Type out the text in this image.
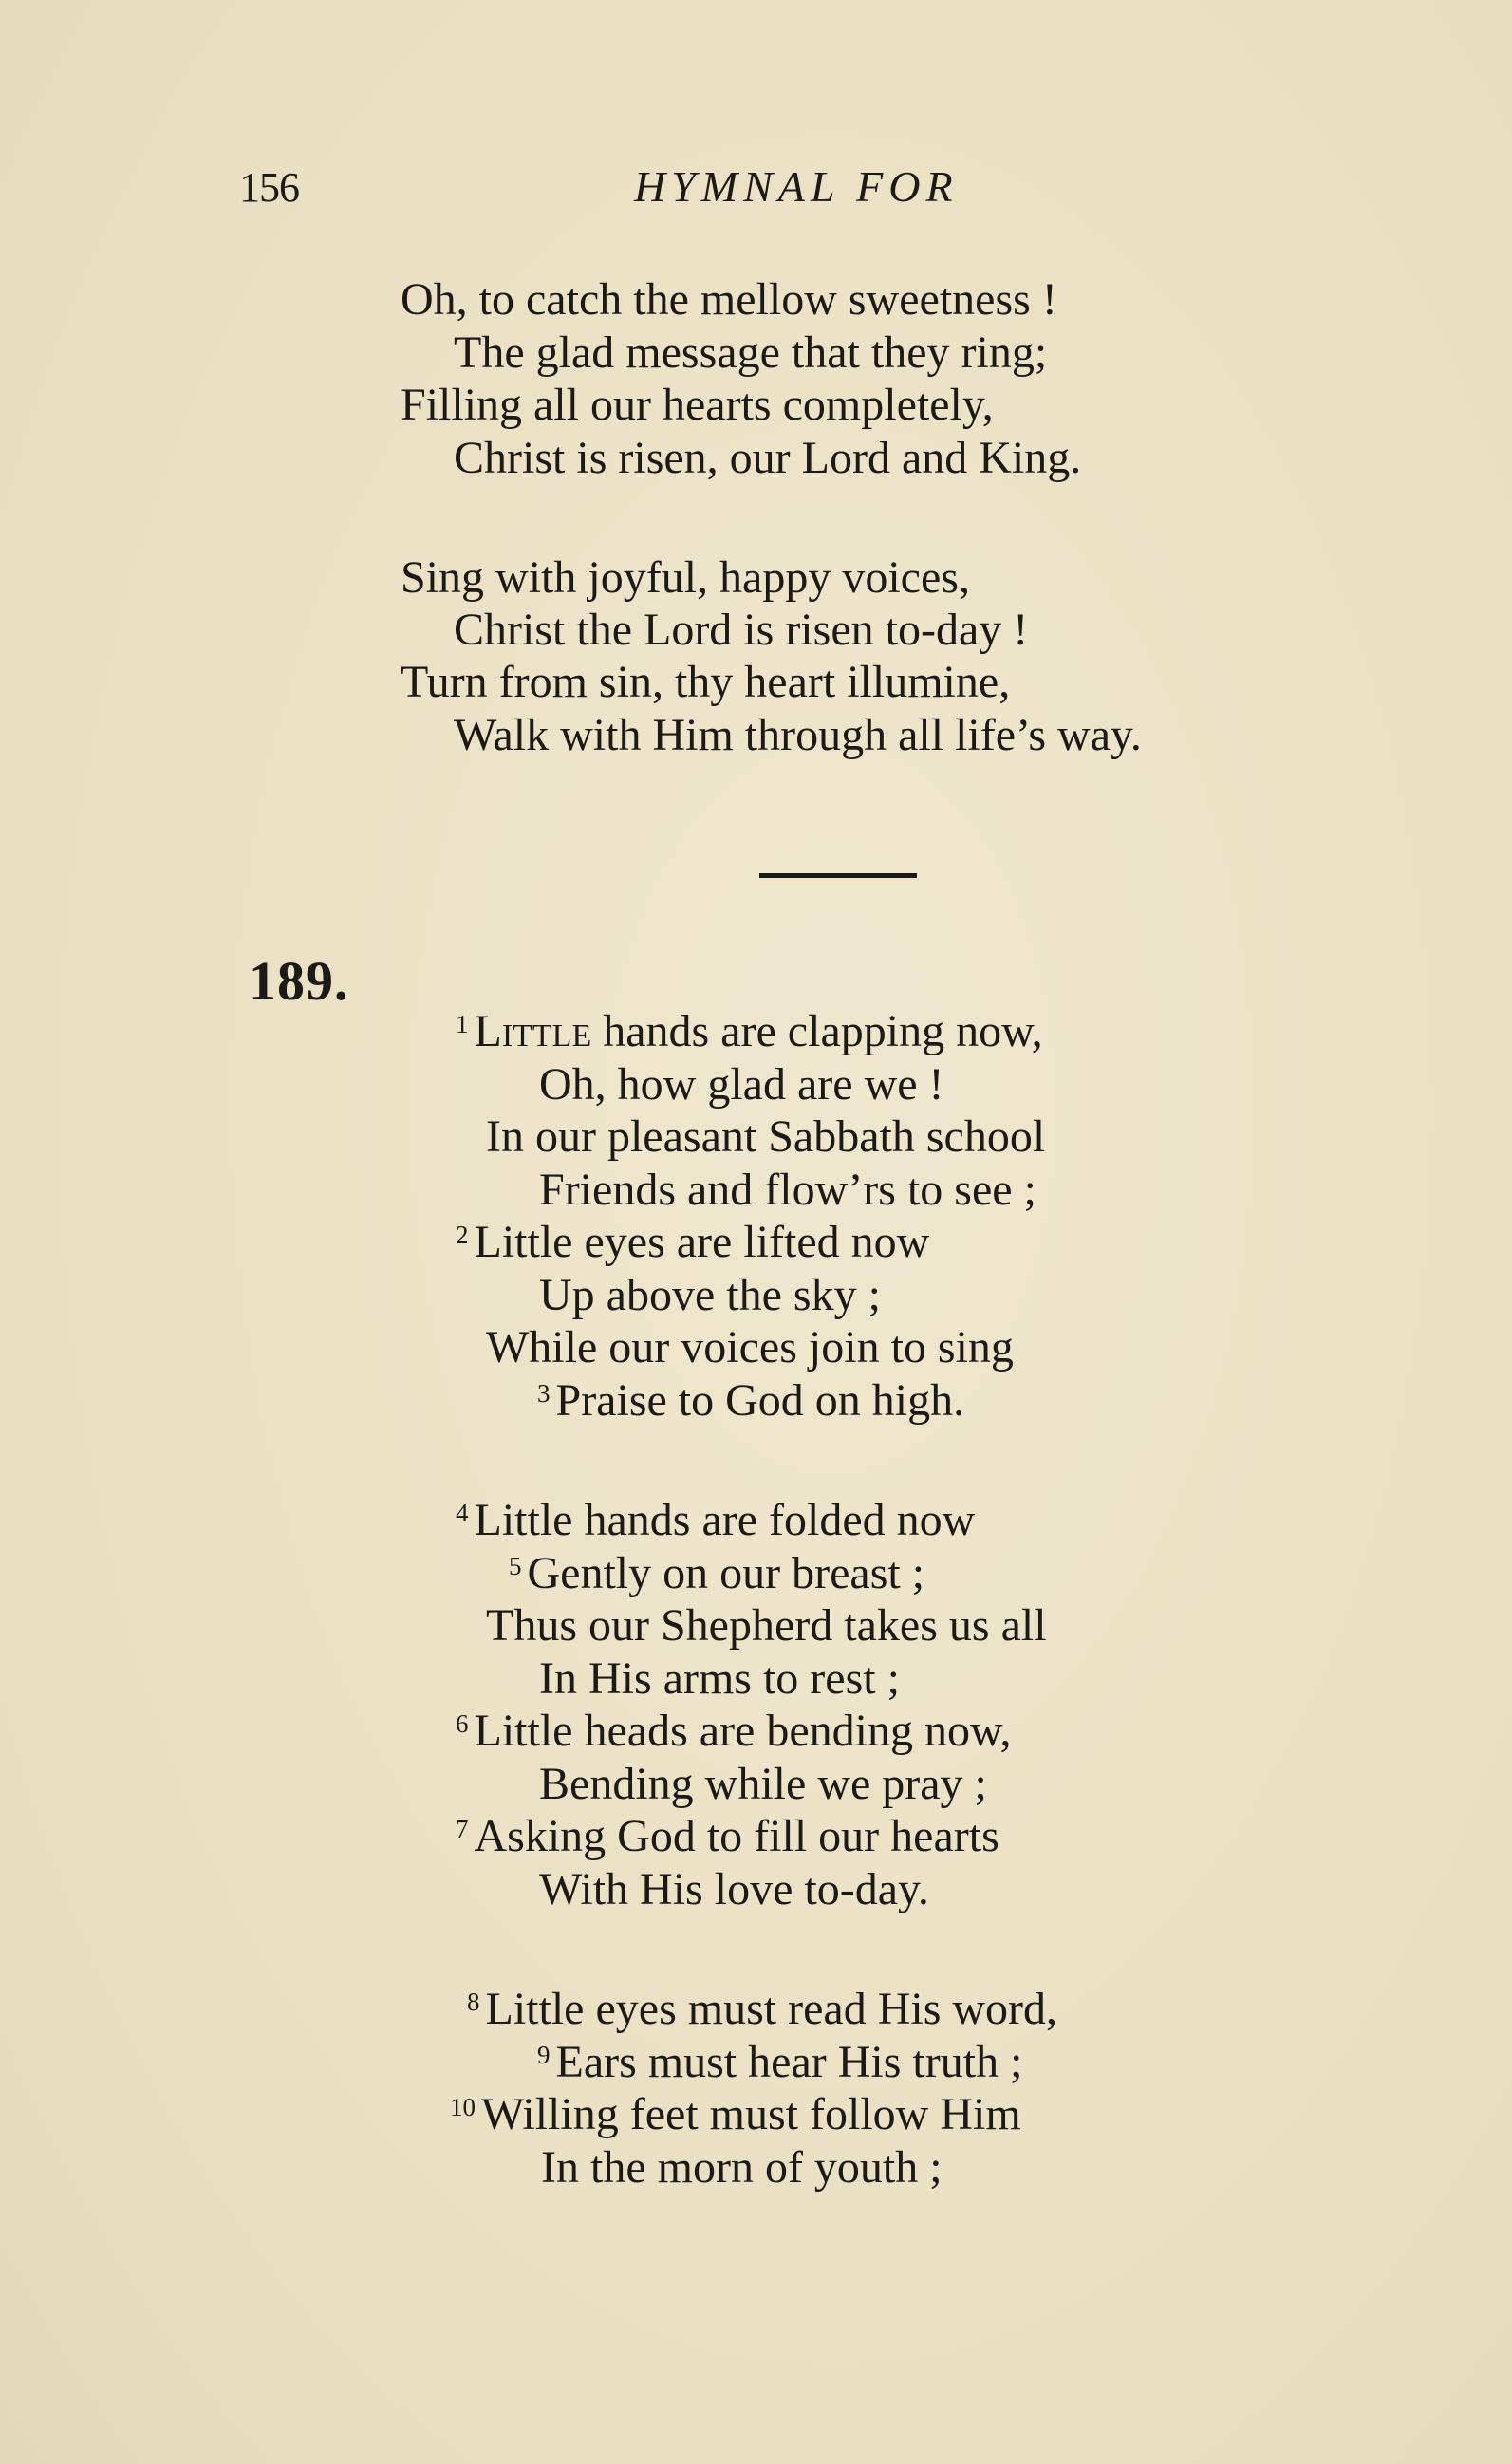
156	HYMNAL FOR
Oh, to catch the mellow sweetness !
The glad message that they ring;
Filling all our hearts completely,
Christ is risen, our Lord and King.
Sing with joyful, happy voices,
Christ the Lord is risen to-day !
Turn from sin, thy heart illumine,
Walk with Him through all life’s way.
189.
$^1$ Little hands are clapping now,
Oh, how glad are we !
In our pleasant Sabbath school
Friends and flow’rs to see ;
$^2$ Little eyes are lifted now
Up above the sky ;
While our voices join to sing
$^3$ Praise to God on high.
$^4$ Little hands are folded now
$^5$ Gently on our breast ;
Thus our Shepherd takes us all
In His arms to rest ;
$^6$ Little heads are bending now,
Bending while we pray ;
$^7$ Asking God to fill our hearts
With His love to-day.
$^8$ Little eyes must read His word,
$^9$ Ears must hear His truth ;
$^{10}$ Willing feet must follow Him
In the morn of youth ;
